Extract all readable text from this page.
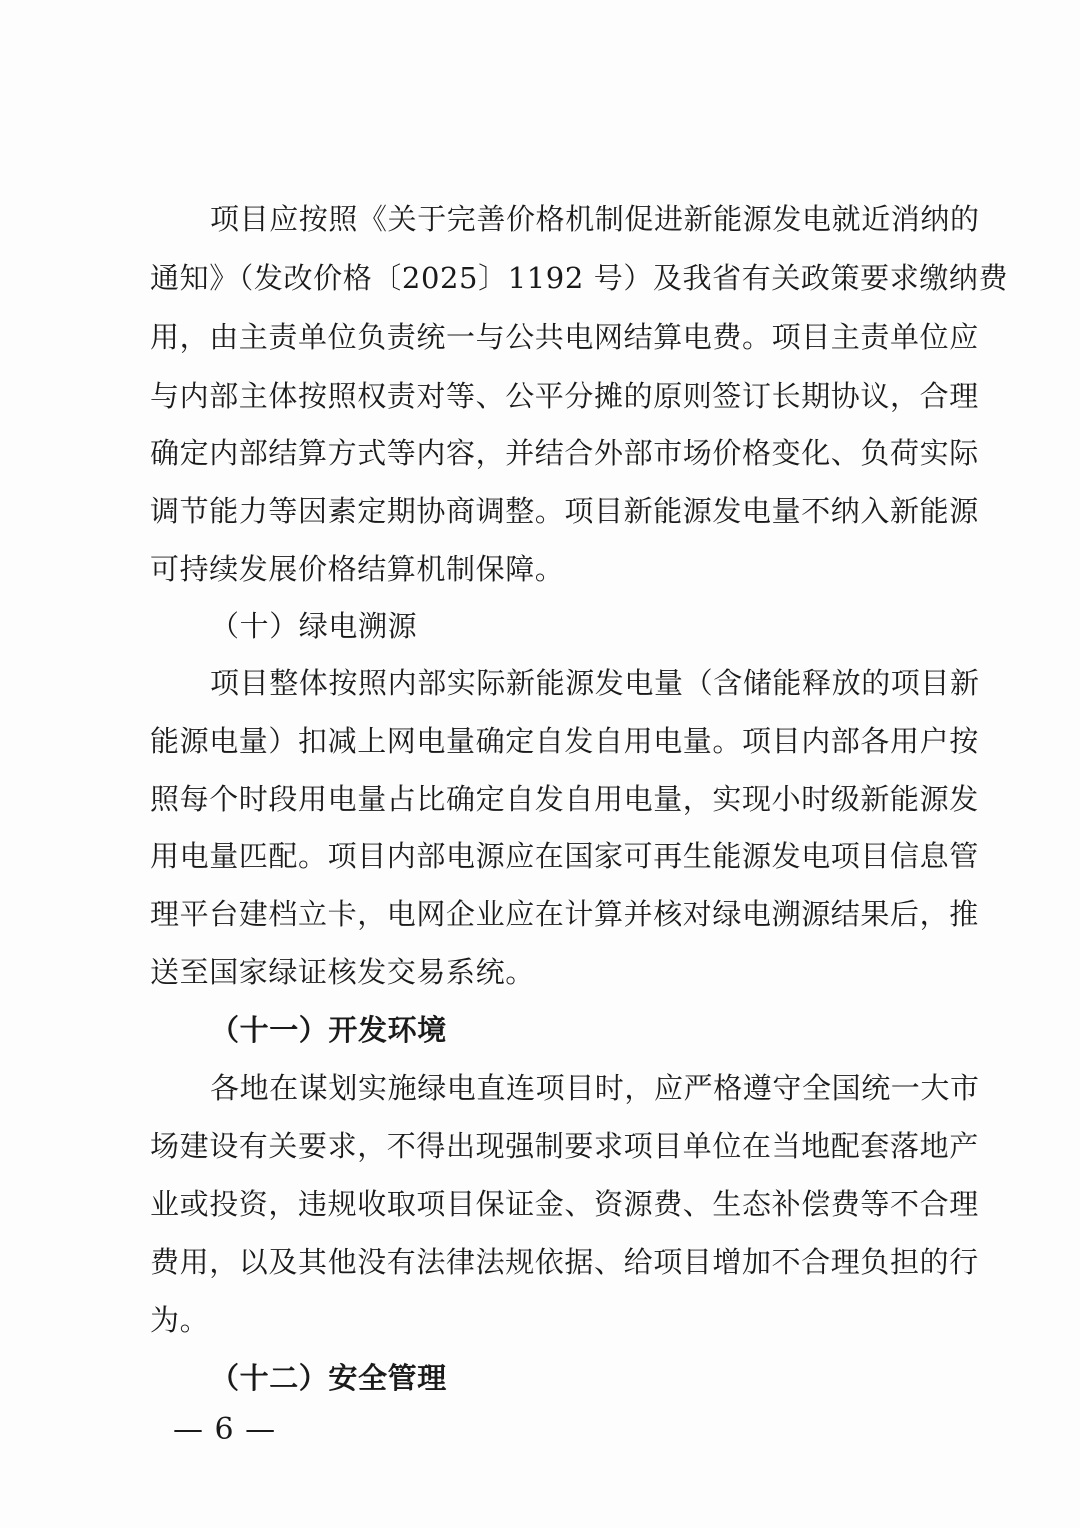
项目应按照《关于完善价格机制促进新能源发电就近消纳的
通知》（发改价格〔2025〕1192 号）及我省有关政策要求缴纳费
用，由主责单位负责统一与公共电网结算电费。项目主责单位应
与内部主体按照权责对等、公平分摊的原则签订长期协议，合理
确定内部结算方式等内容，并结合外部市场价格变化、负荷实际
调节能力等因素定期协商调整。项目新能源发电量不纳入新能源
可持续发展价格结算机制保障。
（十）绿电溯源
项目整体按照内部实际新能源发电量（含储能释放的项目新
能源电量）扣减上网电量确定自发自用电量。项目内部各用户按
照每个时段用电量占比确定自发自用电量，实现小时级新能源发
用电量匹配。项目内部电源应在国家可再生能源发电项目信息管
理平台建档立卡，电网企业应在计算并核对绿电溯源结果后，推
送至国家绿证核发交易系统。
（十一）开发环境
各地在谋划实施绿电直连项目时，应严格遵守全国统一大市
场建设有关要求，不得出现强制要求项目单位在当地配套落地产
业或投资，违规收取项目保证金、资源费、生态补偿费等不合理
费用，以及其他没有法律法规依据、给项目增加不合理负担的行
为。
（十二）安全管理
— 6 —
